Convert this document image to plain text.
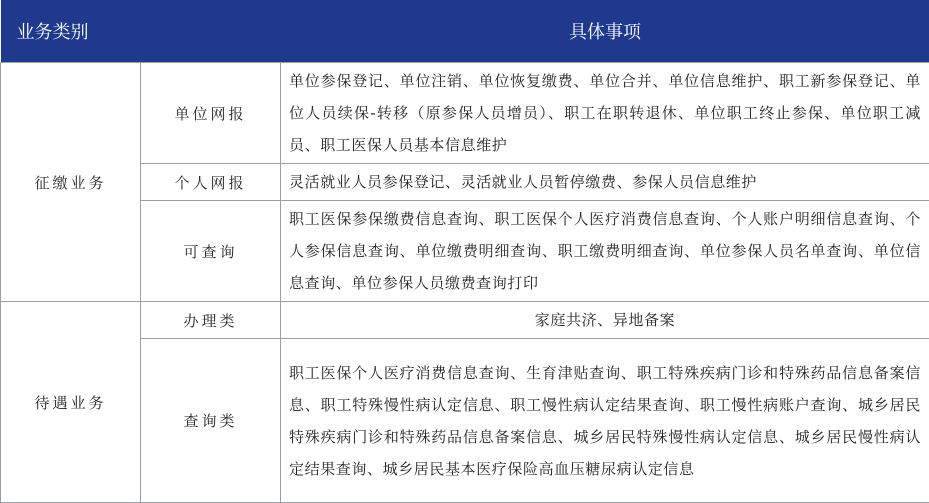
业务类别		具体事项
征缴业务	单位网报	单位参保登记、单位注销、单位恢复缴费、单位合并、单位信息维护、职工新参保登记、单位人员续保-转移（原参保人员增员）、职工在职转退休、单位职工终止参保、单位职工减员、职工医保人员基本信息维护
	个人网报	灵活就业人员参保登记、灵活就业人员暂停缴费、参保人员信息维护
	可查询	职工医保参保缴费信息查询、职工医保个人医疗消费信息查询、个人账户明细信息查询、个人参保信息查询、单位缴费明细查询、职工缴费明细查询、单位参保人员名单查询、单位信息查询、单位参保人员缴费查询打印
待遇业务	办理类	家庭共济、异地备案
	查询类	职工医保个人医疗消费信息查询、生育津贴查询、职工特殊疾病门诊和特殊药品信息备案信息、职工特殊慢性病认定信息、职工慢性病认定结果查询、职工慢性病账户查询、城乡居民特殊疾病门诊和特殊药品信息备案信息、城乡居民特殊慢性病认定信息、城乡居民慢性病认定结果查询、城乡居民基本医疗保险高血压糖尿病认定信息
